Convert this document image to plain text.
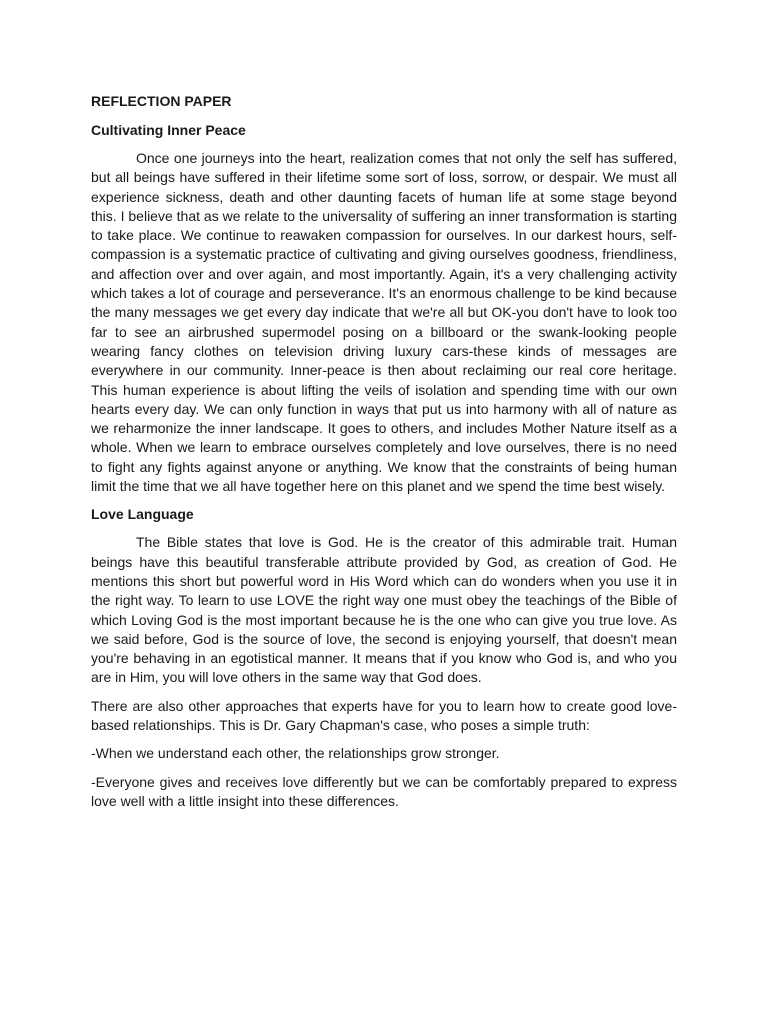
REFLECTION PAPER
Cultivating Inner Peace

Once one journeys into the heart, realization comes that not only the self has suffered, but all beings have suffered in their lifetime some sort of loss, sorrow, or despair. We must all experience sickness, death and other daunting facets of human life at some stage beyond this. I believe that as we relate to the universality of suffering an inner transformation is starting to take place. We continue to reawaken compassion for ourselves. In our darkest hours, self-compassion is a systematic practice of cultivating and giving ourselves goodness, friendliness, and affection over and over again, and most importantly. Again, it's a very challenging activity which takes a lot of courage and perseverance. It's an enormous challenge to be kind because the many messages we get every day indicate that we're all but OK-you don't have to look too far to see an airbrushed supermodel posing on a billboard or the swank-looking people wearing fancy clothes on television driving luxury cars-these kinds of messages are everywhere in our community. Inner-peace is then about reclaiming our real core heritage. This human experience is about lifting the veils of isolation and spending time with our own hearts every day. We can only function in ways that put us into harmony with all of nature as we reharmonize the inner landscape. It goes to others, and includes Mother Nature itself as a whole. When we learn to embrace ourselves completely and love ourselves, there is no need to fight any fights against anyone or anything. We know that the constraints of being human limit the time that we all have together here on this planet and we spend the time best wisely.

Love Language

The Bible states that love is God. He is the creator of this admirable trait. Human beings have this beautiful transferable attribute provided by God, as creation of God. He mentions this short but powerful word in His Word which can do wonders when you use it in the right way. To learn to use LOVE the right way one must obey the teachings of the Bible of which Loving God is the most important because he is the one who can give you true love. As we said before, God is the source of love, the second is enjoying yourself, that doesn't mean you're behaving in an egotistical manner. It means that if you know who God is, and who you are in Him, you will love others in the same way that God does.

There are also other approaches that experts have for you to learn how to create good love-based relationships. This is Dr. Gary Chapman's case, who poses a simple truth:

-When we understand each other, the relationships grow stronger.

-Everyone gives and receives love differently but we can be comfortably prepared to express love well with a little insight into these differences.
